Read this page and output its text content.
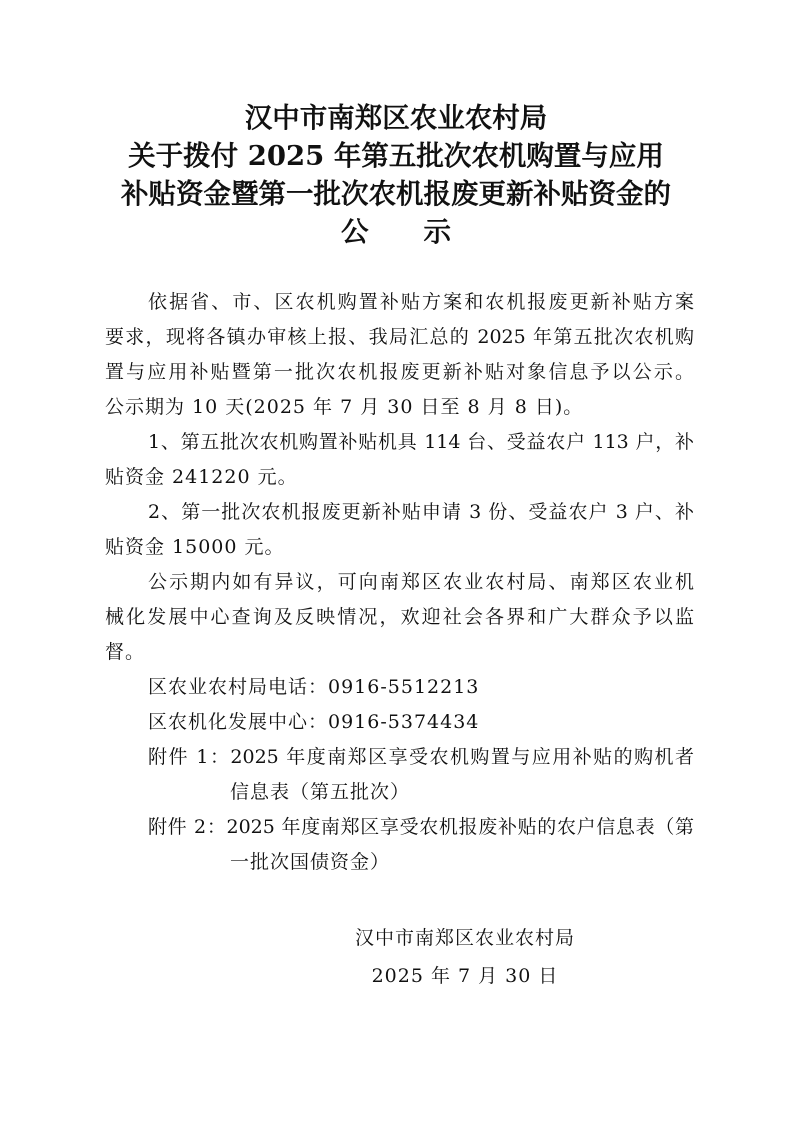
汉中市南郑区农业农村局
关于拨付 2025 年第五批次农机购置与应用
补贴资金暨第一批次农机报废更新补贴资金的
公　　示
依据省、市、区农机购置补贴方案和农机报废更新补贴方案
要求，现将各镇办审核上报、我局汇总的 2025 年第五批次农机购
置与应用补贴暨第一批次农机报废更新补贴对象信息予以公示。
公示期为 10 天(2025 年 7 月 30 日至 8 月 8 日)。
1、第五批次农机购置补贴机具 114 台、受益农户 113 户，补
贴资金 241220 元。
2、第一批次农机报废更新补贴申请 3 份、受益农户 3 户、补
贴资金 15000 元。
公示期内如有异议，可向南郑区农业农村局、南郑区农业机
械化发展中心查询及反映情况，欢迎社会各界和广大群众予以监
督。
区农业农村局电话：0916-5512213
区农机化发展中心：0916-5374434
附件 1：2025 年度南郑区享受农机购置与应用补贴的购机者
信息表（第五批次）
附件 2：2025 年度南郑区享受农机报废补贴的农户信息表（第
一批次国债资金）
汉中市南郑区农业农村局
2025 年 7 月 30 日
